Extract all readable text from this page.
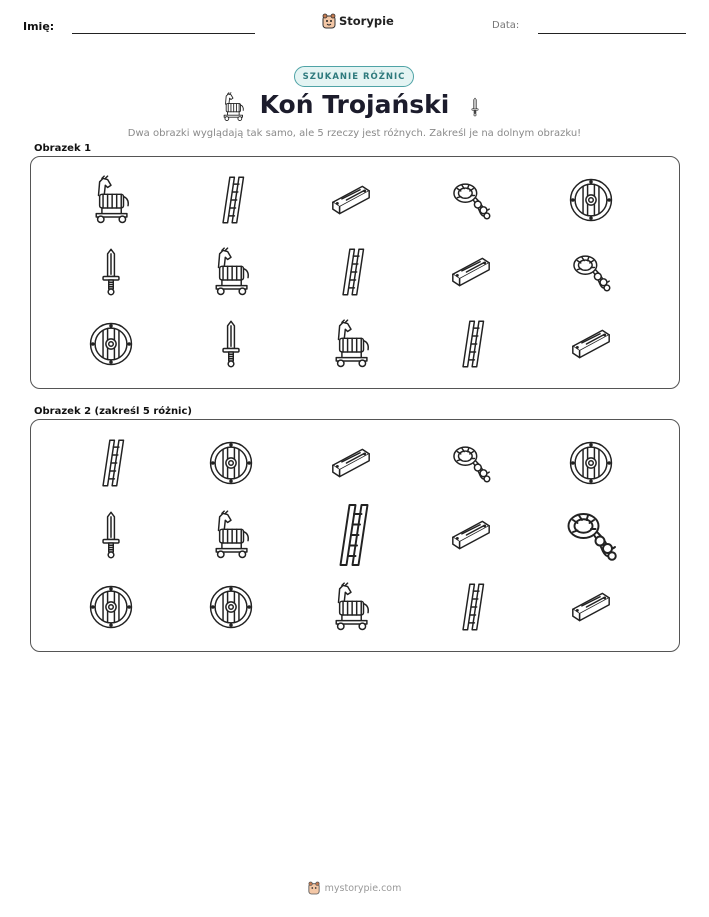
Imię:	Storypie	Data:
SZUKANIE RÓŻNIC
Koń Trojański
Dwa obrazki wyglądają tak samo, ale 5 rzeczy jest różnych. Zakreśl je na dolnym obrazku!
Obrazek 1
Obrazek 2 (zakreśl 5 różnic)
mystorypie.com
